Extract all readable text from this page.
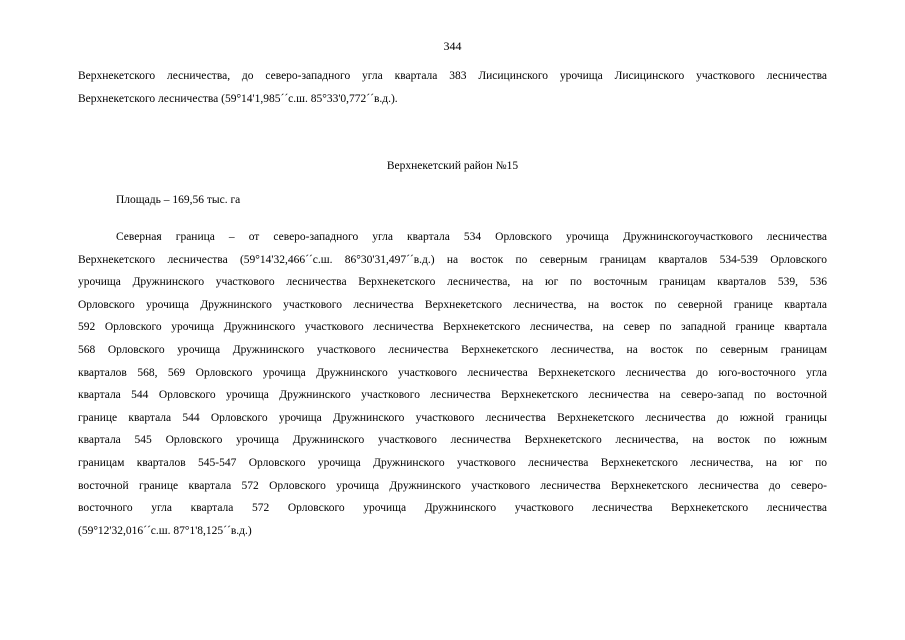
344
Верхнекетского лесничества, до северо-западного угла квартала 383 Лисицинского урочища Лисицинского участкового лесничества
Верхнекетского лесничества (59°14'1,985´´с.ш. 85°33'0,772´´в.д.).
Верхнекетский район №15
Площадь – 169,56 тыс. га
Северная граница – от северо-западного угла квартала 534 Орловского урочища Дружнинскогоучасткового лесничества
Верхнекетского лесничества (59°14'32,466´´с.ш. 86°30'31,497´´в.д.) на восток по северным границам кварталов 534-539 Орловского
урочища Дружнинского участкового лесничества Верхнекетского лесничества, на юг по восточным границам кварталов 539, 536
Орловского урочища Дружнинского участкового лесничества Верхнекетского лесничества, на восток по северной границе квартала
592 Орловского урочища Дружнинского участкового лесничества Верхнекетского лесничества, на север по западной границе квартала
568 Орловского урочища Дружнинского участкового лесничества Верхнекетского лесничества, на восток по северным границам
кварталов 568, 569 Орловского урочища Дружнинского участкового лесничества Верхнекетского лесничества до юго-восточного угла
квартала 544 Орловского урочища Дружнинского участкового лесничества Верхнекетского лесничества на северо-запад по восточной
границе квартала 544 Орловского урочища Дружнинского участкового лесничества Верхнекетского лесничества до южной границы
квартала 545 Орловского урочища Дружнинского участкового лесничества Верхнекетского лесничества, на восток по южным
границам кварталов 545-547 Орловского урочища Дружнинского участкового лесничества Верхнекетского лесничества, на юг по
восточной границе квартала 572 Орловского урочища Дружнинского участкового лесничества Верхнекетского лесничества до северо-
восточного угла квартала 572 Орловского урочища Дружнинского участкового лесничества Верхнекетского лесничества
(59°12'32,016´´с.ш. 87°1'8,125´´в.д.)
